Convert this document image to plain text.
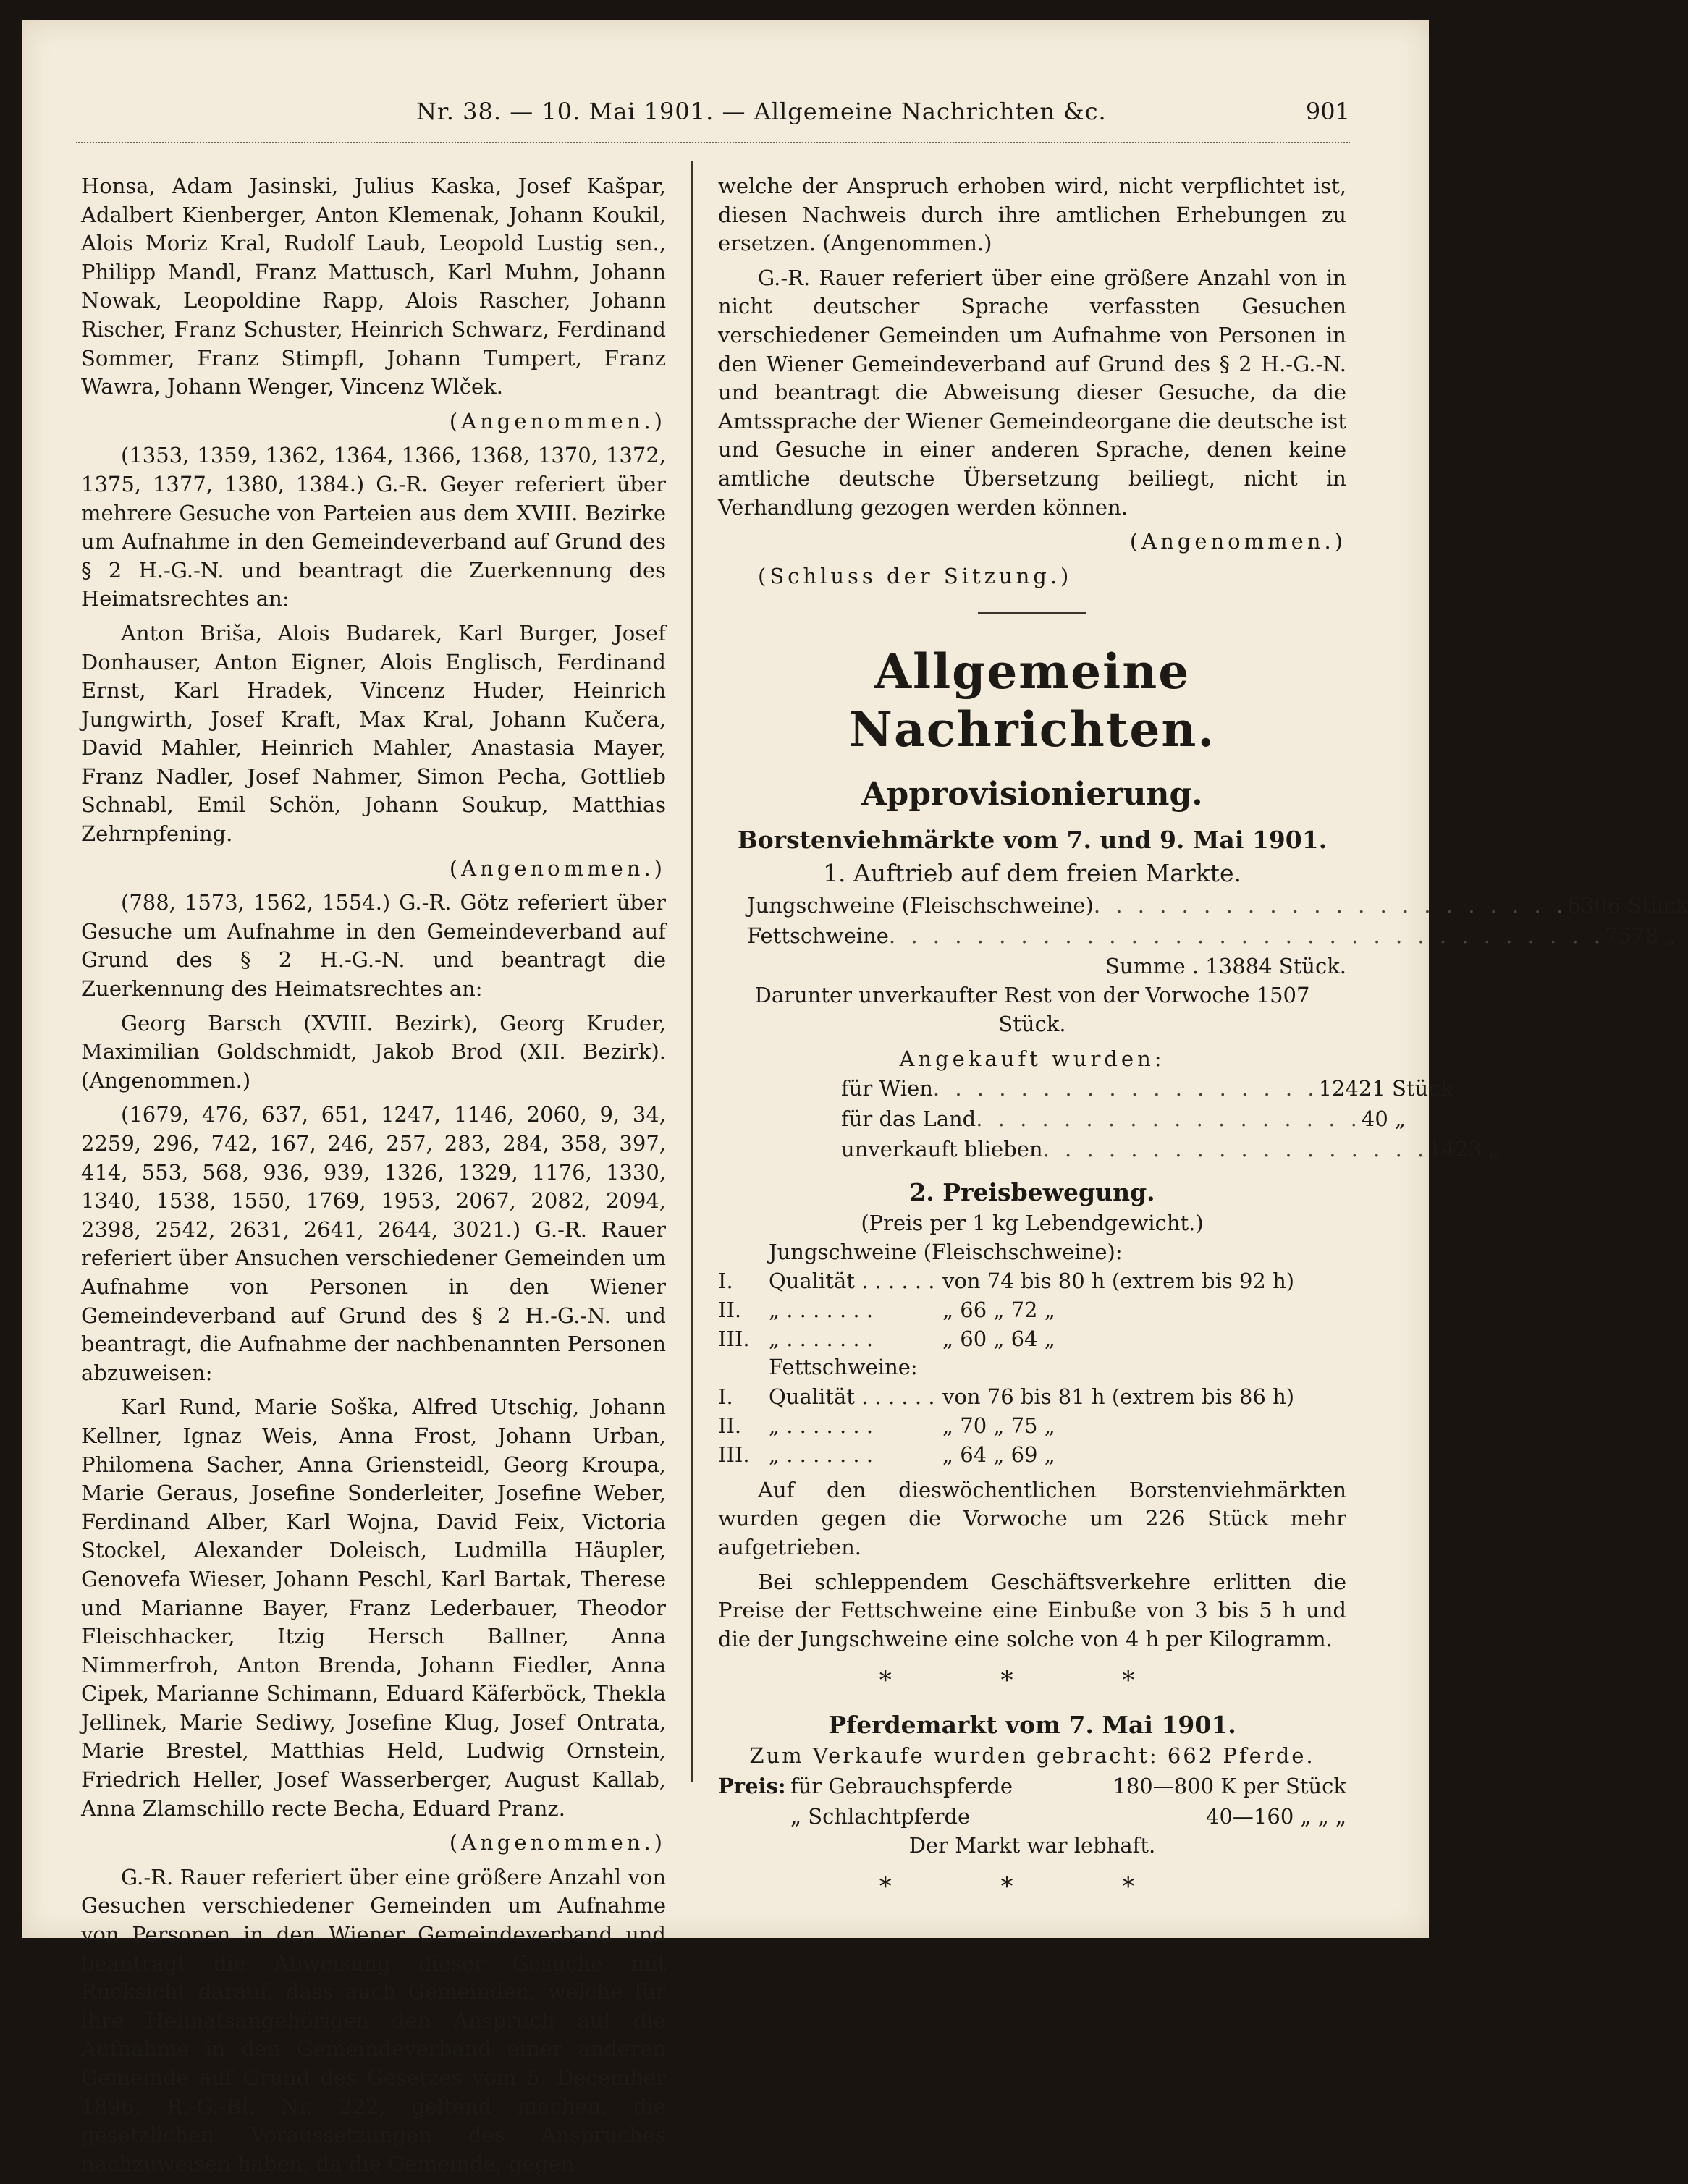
Nr. 38. — 10. Mai 1901. — Allgemeine Nachrichten &c.	901

Honsa, Adam Jasinski, Julius Kaska, Josef Kašpar, Adalbert Kienberger, Anton Klemenak, Johann Koukil, Alois Moriz Kral, Rudolf Laub, Leopold Lustig sen., Philipp Mandl, Franz Mattusch, Karl Muhm, Johann Nowak, Leopoldine Rapp, Alois Rascher, Johann Rischer, Franz Schuster, Heinrich Schwarz, Ferdinand Sommer, Franz Stimpfl, Johann Tumpert, Franz Wawra, Johann Wenger, Vincenz Wlček.

(Angenommen.)

(1353, 1359, 1362, 1364, 1366, 1368, 1370, 1372, 1375, 1377, 1380, 1384.) G.-R. Geyer referiert über mehrere Gesuche von Parteien aus dem XVIII. Bezirke um Aufnahme in den Gemeindeverband auf Grund des § 2 H.-G.-N. und beantragt die Zuerkennung des Heimatsrechtes an:

Anton Briša, Alois Budarek, Karl Burger, Josef Donhauser, Anton Eigner, Alois Englisch, Ferdinand Ernst, Karl Hradek, Vincenz Huder, Heinrich Jungwirth, Josef Kraft, Max Kral, Johann Kučera, David Mahler, Heinrich Mahler, Anastasia Mayer, Franz Nadler, Josef Nahmer, Simon Pecha, Gottlieb Schnabl, Emil Schön, Johann Soukup, Matthias Zehrnpfening.

(Angenommen.)

(788, 1573, 1562, 1554.) G.-R. Götz referiert über Gesuche um Aufnahme in den Gemeindeverband auf Grund des § 2 H.-G.-N. und beantragt die Zuerkennung des Heimatsrechtes an:

Georg Barsch (XVIII. Bezirk), Georg Kruder, Maximilian Goldschmidt, Jakob Brod (XII. Bezirk). (Angenommen.)

(1679, 476, 637, 651, 1247, 1146, 2060, 9, 34, 2259, 296, 742, 167, 246, 257, 283, 284, 358, 397, 414, 553, 568, 936, 939, 1326, 1329, 1176, 1330, 1340, 1538, 1550, 1769, 1953, 2067, 2082, 2094, 2398, 2542, 2631, 2641, 2644, 3021.) G.-R. Rauer referiert über Ansuchen verschiedener Gemeinden um Aufnahme von Personen in den Wiener Gemeindeverband auf Grund des § 2 H.-G.-N. und beantragt, die Aufnahme der nachbenannten Personen abzuweisen:

Karl Rund, Marie Soška, Alfred Utschig, Johann Kellner, Ignaz Weis, Anna Frost, Johann Urban, Philomena Sacher, Anna Griensteidl, Georg Kroupa, Marie Geraus, Josefine Sonderleiter, Josefine Weber, Ferdinand Alber, Karl Wojna, David Feix, Victoria Stockel, Alexander Doleisch, Ludmilla Häupler, Genovefa Wieser, Johann Peschl, Karl Bartak, Therese und Marianne Bayer, Franz Lederbauer, Theodor Fleischhacker, Itzig Hersch Ballner, Anna Nimmerfroh, Anton Brenda, Johann Fiedler, Anna Cipek, Marianne Schimann, Eduard Käferböck, Thekla Jellinek, Marie Sediwy, Josefine Klug, Josef Ontrata, Marie Brestel, Matthias Held, Ludwig Ornstein, Friedrich Heller, Josef Wasserberger, August Kallab, Anna Zlamschillo recte Becha, Eduard Pranz.

(Angenommen.)

G.-R. Rauer referiert über eine größere Anzahl von Gesuchen verschiedener Gemeinden um Aufnahme von Personen in den Wiener Gemeindeverband und beantragt die Abweisung dieser Gesuche mit Rücksicht darauf, dass auch Gemeinden, welche für ihre Heimatsangehörigen den Anspruch auf die Aufnahme in den Gemeindeverband einer anderen Gemeinde auf Grund des Gesetzes vom 5. December 1896, R.-G.-Bl. Nr. 222, geltend machen, die gesetzlichen Voraussetzungen des Anspruches nachzuweisen haben, da die Gemeinde, gegen

welche der Anspruch erhoben wird, nicht verpflichtet ist, diesen Nachweis durch ihre amtlichen Erhebungen zu ersetzen. (Angenommen.)

G.-R. Rauer referiert über eine größere Anzahl von in nicht deutscher Sprache verfassten Gesuchen verschiedener Gemeinden um Aufnahme von Personen in den Wiener Gemeindeverband auf Grund des § 2 H.-G.-N. und beantragt die Abweisung dieser Gesuche, da die Amtssprache der Wiener Gemeindeorgane die deutsche ist und Gesuche in einer anderen Sprache, denen keine amtliche deutsche Übersetzung beiliegt, nicht in Verhandlung gezogen werden können.

(Angenommen.)

(Schluss der Sitzung.)

Allgemeine Nachrichten.
Approvisionierung.
Borstenviehmärkte vom 7. und 9. Mai 1901.
1. Auftrieb auf dem freien Markte.
Jungschweine (Fleischschweine) . . . . . . . . . . . . . . . . . . . . . . 6306 Stück
Fettschweine . . . . . . . . . . . . . . . . . . . . . . . . . . . . . . . . . 7578 „
Summe . 13884 Stück.
Darunter unverkaufter Rest von der Vorwoche 1507 Stück.
Angekauft wurden:
für Wien . . . . . . . . . . . . . . . . . . 12421 Stück
für das Land . . . . . . . . . . . . . . . . . . 40 „
unverkauft blieben . . . . . . . . . . . . . . . . . . 1423 „
2. Preisbewegung.
(Preis per 1 kg Lebendgewicht.)
Jungschweine (Fleischschweine):
I.	Qualität . . . . . . von 74 bis 80 h (extrem bis 92 h)
II.	„ . . . . . . .	„ 66 „ 72 „
III. „ . . . . . . .	„ 60 „ 64 „
Fettschweine:
I.	Qualität . . . . . . von 76 bis 81 h (extrem bis 86 h)
II.	„ . . . . . . .	„ 70 „ 75 „
III. „ . . . . . . .	„ 64 „ 69 „

Auf den dieswöchentlichen Borstenviehmärkten wurden gegen die Vorwoche um 226 Stück mehr aufgetrieben.

Bei schleppendem Geschäftsverkehre erlitten die Preise der Fettschweine eine Einbuße von 3 bis 5 h und die der Jungschweine eine solche von 4 h per Kilogramm.

* * *
Pferdemarkt vom 7. Mai 1901.
Zum Verkaufe wurden gebracht: 662 Pferde.
Preis: für Gebrauchspferde	180—800 K per Stück
„ Schlachtpferde	40—160 „ „ „
Der Markt war lebhaft.
* * *
